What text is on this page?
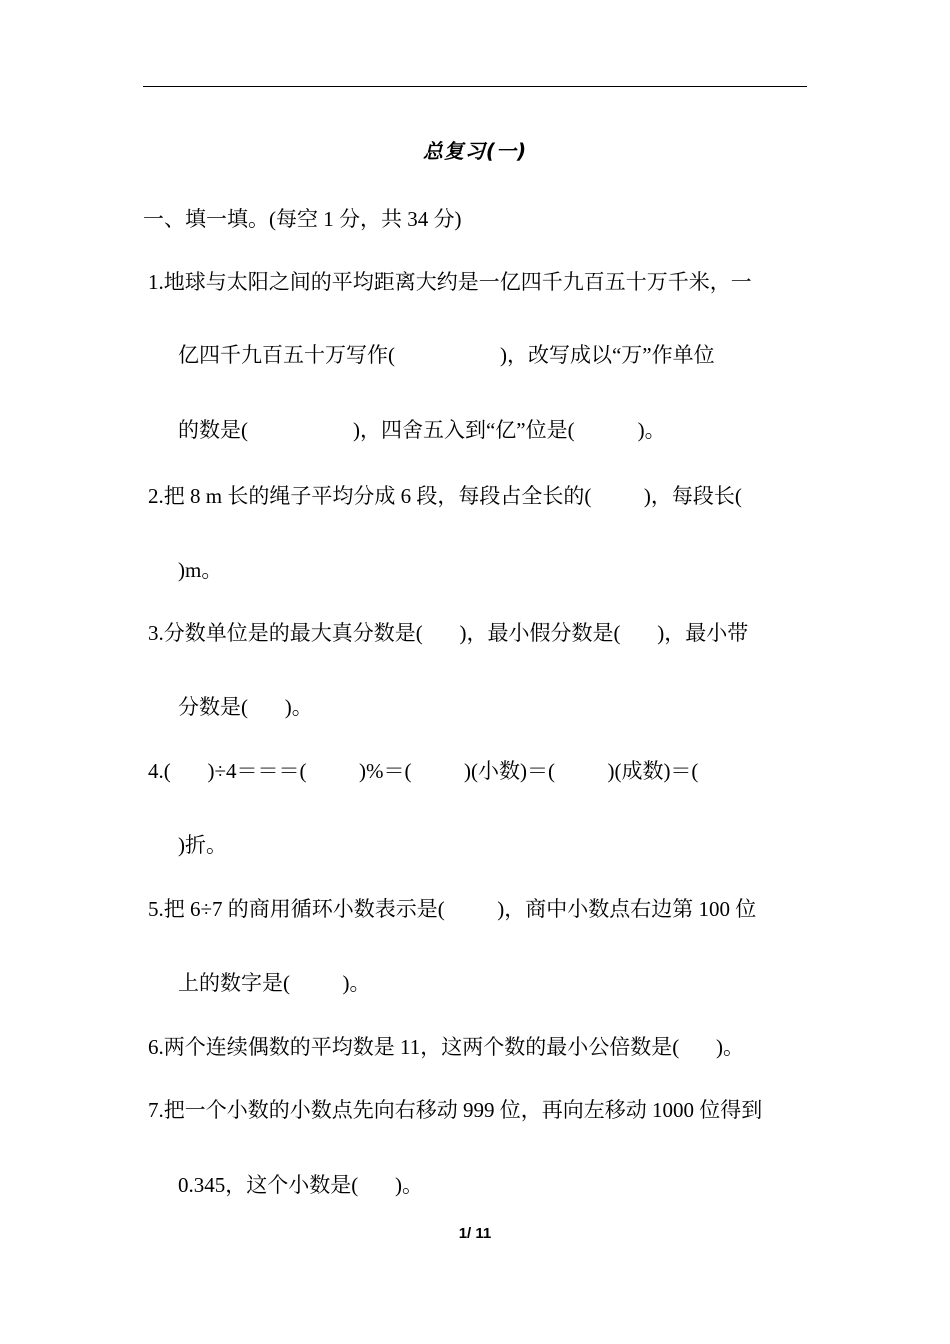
总复习(一)
一、填一填。(每空 1 分，共 34 分)
1.地球与太阳之间的平均距离大约是一亿四千九百五十万千米，一
亿四千九百五十万写作(                    )，改写成以“万”作单位
的数是(                    )，四舍五入到“亿”位是(            )。
2.把 8 m 长的绳子平均分成 6 段，每段占全长的(          )，每段长(
)m。
3.分数单位是的最大真分数是(       )，最小假分数是(       )，最小带
分数是(       )。
4.(       )÷4＝＝＝(          )%＝(          )(小数)＝(          )(成数)＝(
)折。
5.把 6÷7 的商用循环小数表示是(          )，商中小数点右边第 100 位
上的数字是(          )。
6.两个连续偶数的平均数是 11，这两个数的最小公倍数是(       )。
7.把一个小数的小数点先向右移动 999 位，再向左移动 1000 位得到
0.345，这个小数是(       )。
1/ 11
